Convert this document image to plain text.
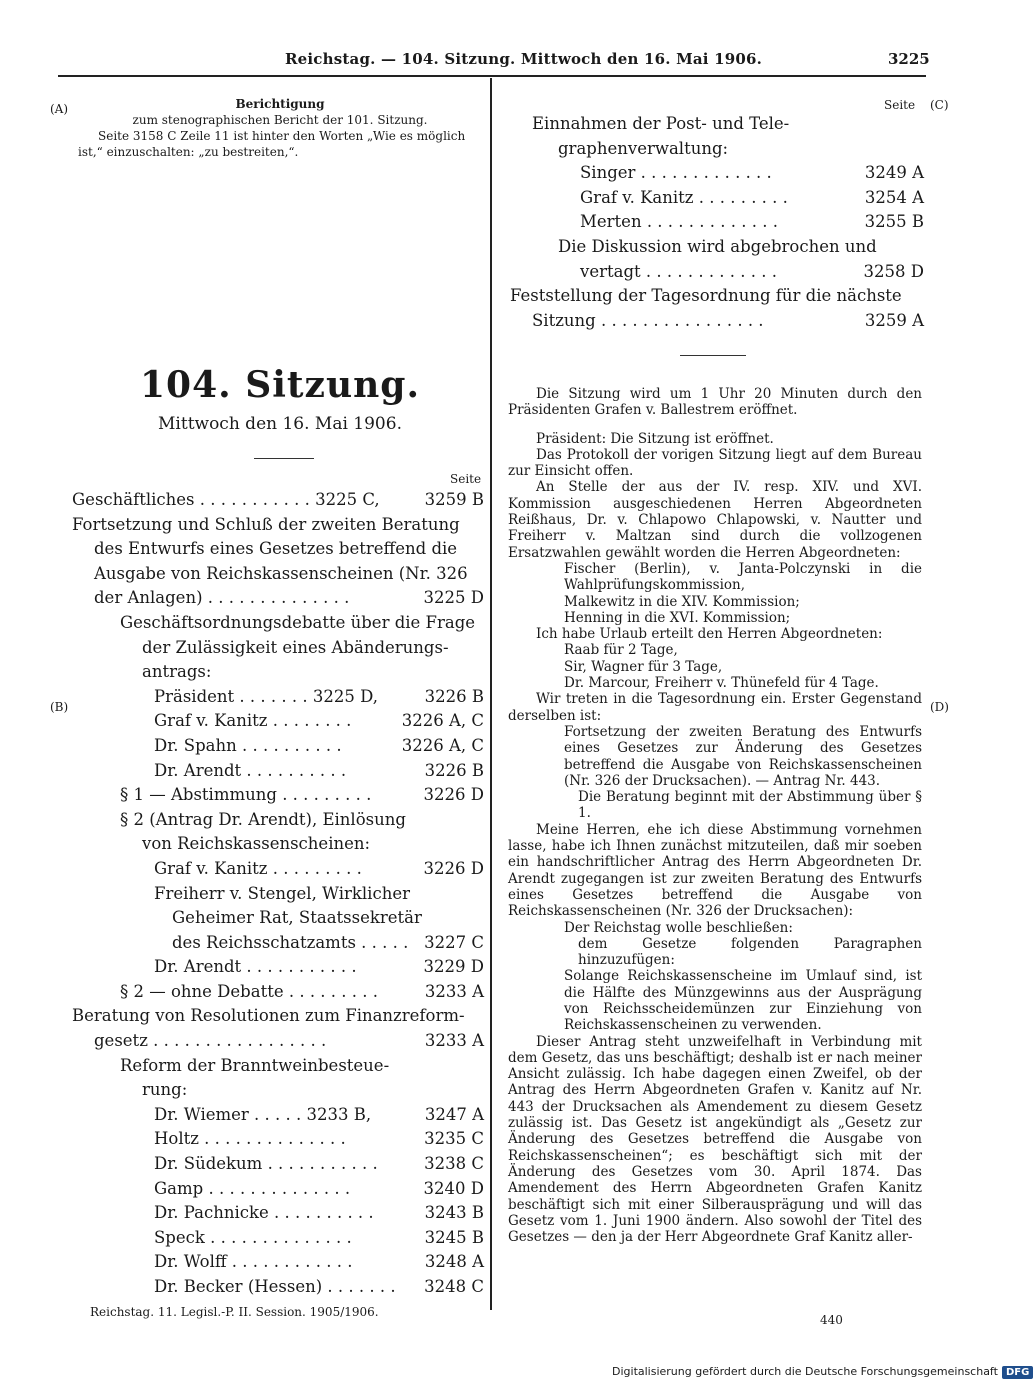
Reichstag. — 104. Sitzung. Mittwoch den 16. Mai 1906.	3225
(A)
(B)
(C)
(D)
Berichtigung
zum stenographischen Bericht der 101. Sitzung.
Seite 3158 C Zeile 11 ist hinter den Worten „Wie es möglich
ist,“ einzuschalten: „zu bestreiten,“.
104. Sitzung.
Mittwoch den 16. Mai 1906.
Seite
Geschäftliches . . . . . . . . . . . 3225 C,	3259 B
Fortsetzung und Schluß der zweiten Beratung
des Entwurfs eines Gesetzes betreffend die
Ausgabe von Reichskassenscheinen (Nr. 326
der Anlagen) . . . . . . . . . . . . . .	3225 D
Geschäftsordnungsdebatte über die Frage
der Zulässigkeit eines Abänderungs-
antrags:
Präsident . . . . . . . 3225 D,	3226 B
Graf v. Kanitz . . . . . . . .	3226 A, C
Dr. Spahn . . . . . . . . . .	3226 A, C
Dr. Arendt . . . . . . . . . .	3226 B
§ 1 — Abstimmung . . . . . . . . .	3226 D
§ 2 (Antrag Dr. Arendt), Einlösung
von Reichskassenscheinen:
Graf v. Kanitz . . . . . . . . .	3226 D
Freiherr v. Stengel, Wirklicher
Geheimer Rat, Staatssekretär
des Reichsschatzamts . . . . . 3227 C
Dr. Arendt . . . . . . . . . . .	3229 D
§ 2 — ohne Debatte . . . . . . . . .	3233 A
Beratung von Resolutionen zum Finanzreform-
gesetz . . . . . . . . . . . . . . . . .	3233 A
Reform der Branntweinbesteue-
rung:
Dr. Wiemer . . . . . 3233 B,	3247 A
Holtz . . . . . . . . . . . . . .	3235 C
Dr. Südekum . . . . . . . . . . .	3238 C
Gamp . . . . . . . . . . . . . .	3240 D
Dr. Pachnicke . . . . . . . . . .	3243 B
Speck . . . . . . . . . . . . . .	3245 B
Dr. Wolff . . . . . . . . . . . .	3248 A
Dr. Becker (Hessen) . . . . . . . 3248 C
Reichstag. 11. Legisl.-P. II. Session. 1905/1906.
Seite
Einnahmen der Post- und Tele-
graphenverwaltung:
Singer . . . . . . . . . . . . .	3249 A
Graf v. Kanitz . . . . . . . . .	3254 A
Merten . . . . . . . . . . . . .	3255 B
Die Diskussion wird abgebrochen und
vertagt . . . . . . . . . . . . .	3258 D
Feststellung der Tagesordnung für die nächste
Sitzung . . . . . . . . . . . . . . . .	3259 A

Die Sitzung wird um 1 Uhr 20 Minuten durch den Präsidenten Grafen v. Ballestrem eröffnet.

Präsident: Die Sitzung ist eröffnet.

Das Protokoll der vorigen Sitzung liegt auf dem Bureau zur Einsicht offen.

An Stelle der aus der IV. resp. XIV. und XVI. Kommission ausgeschiedenen Herren Abgeordneten Reißhaus, Dr. v. Chlapowo Chlapowski, v. Nautter und Freiherr v. Maltzan sind durch die vollzogenen Ersatzwahlen gewählt worden die Herren Abgeordneten:

Fischer (Berlin), v. Janta-Polczynski in die Wahlprüfungskommission,

Malkewitz in die XIV. Kommission;

Henning in die XVI. Kommission;

Ich habe Urlaub erteilt den Herren Abgeordneten:

Raab für 2 Tage,

Sir, Wagner für 3 Tage,

Dr. Marcour, Freiherr v. Thünefeld für 4 Tage.

Wir treten in die Tagesordnung ein. Erster Gegenstand derselben ist:

Fortsetzung der zweiten Beratung des Entwurfs eines Gesetzes zur Änderung des Gesetzes betreffend die Ausgabe von Reichskassenscheinen (Nr. 326 der Drucksachen). — Antrag Nr. 443.

Die Beratung beginnt mit der Abstimmung über § 1.

Meine Herren, ehe ich diese Abstimmung vornehmen lasse, habe ich Ihnen zunächst mitzuteilen, daß mir soeben ein handschriftlicher Antrag des Herrn Abgeordneten Dr. Arendt zugegangen ist zur zweiten Beratung des Entwurfs eines Gesetzes betreffend die Ausgabe von Reichskassenscheinen (Nr. 326 der Drucksachen):

Der Reichstag wolle beschließen:

dem Gesetze folgenden Paragraphen hinzuzufügen:

Solange Reichskassenscheine im Umlauf sind, ist die Hälfte des Münzgewinns aus der Ausprägung von Reichsscheidemünzen zur Einziehung von Reichskassenscheinen zu verwenden.

Dieser Antrag steht unzweifelhaft in Verbindung mit dem Gesetz, das uns beschäftigt; deshalb ist er nach meiner Ansicht zulässig. Ich habe dagegen einen Zweifel, ob der Antrag des Herrn Abgeordneten Grafen v. Kanitz auf Nr. 443 der Drucksachen als Amendement zu diesem Gesetz zulässig ist. Das Gesetz ist angekündigt als „Gesetz zur Änderung des Gesetzes betreffend die Ausgabe von Reichskassenscheinen“; es beschäftigt sich mit der Änderung des Gesetzes vom 30. April 1874. Das Amendement des Herrn Abgeordneten Grafen Kanitz beschäftigt sich mit einer Silberausprägung und will das Gesetz vom 1. Juni 1900 ändern. Also sowohl der Titel des Gesetzes — den ja der Herr Abgeordnete Graf Kanitz aller-

440
Digitalisierung gefördert durch die Deutsche Forschungsgemeinschaft DFG
